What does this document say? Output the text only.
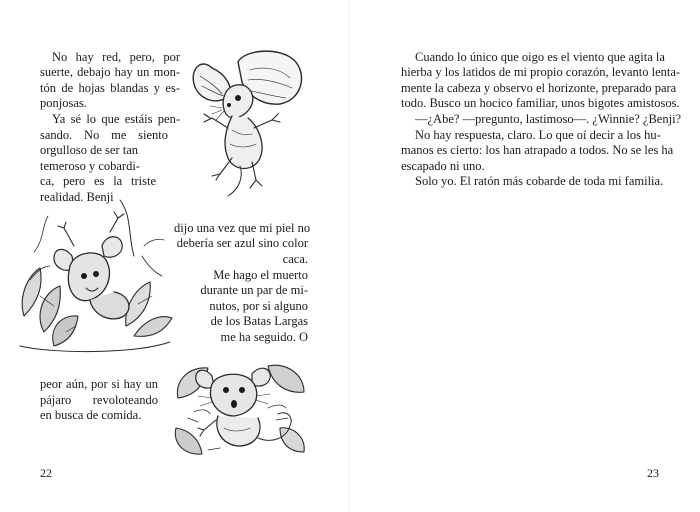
No hay red, pero, por
suerte, debajo hay un mon-
tón de hojas blandas y es-
ponjosas.
Ya sé lo que estáis pen-
sando. No me siento
orgulloso de ser tan
temeroso y cobardi-
ca, pero es la triste
realidad. Benji
dijo una vez que mi piel no
debería ser azul sino color
caca.
Me hago el muerto
durante un par de mi-
nutos, por si alguno
de los Batas Largas
me ha seguido. O
peor aún, por si hay un
pájaro revoloteando
en busca de comida.
22
Cuando lo único que oigo es el viento que agita la
hierba y los latidos de mi propio corazón, levanto lenta-
mente la cabeza y observo el horizonte, preparado para
todo. Busco un hocico familiar, unos bigotes amistosos.
—¿Abe? —pregunto, lastimoso—. ¿Winnie? ¿Benji?
No hay respuesta, claro. Lo que oí decir a los hu-
manos es cierto: los han atrapado a todos. No se les ha
escapado ni uno.
Solo yo. El ratón más cobarde de toda mi familia.
23
